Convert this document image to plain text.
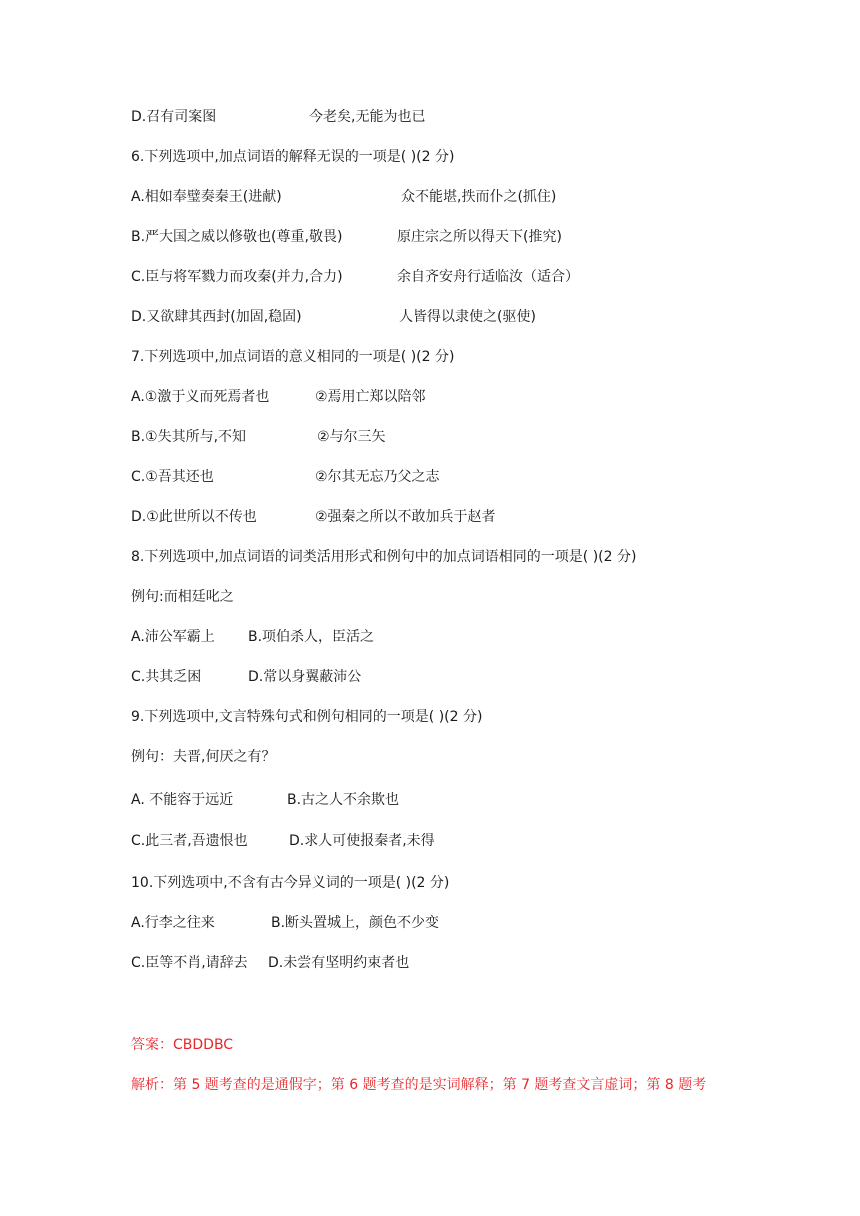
D.召有司案图	今老矣,无能为也已
6.下列选项中,加点词语的解释无误的一项是( )(2 分)
A.相如奉璧奏秦王(进献)	众不能堪,抶而仆之(抓住)
B.严大国之威以修敬也(尊重,敬畏)	原庄宗之所以得天下(推究)
C.臣与将军戮力而攻秦(并力,合力)	余自齐安舟行适临汝（适合）
D.又欲肆其西封(加固,稳固)	人皆得以隶使之(驱使)
7.下列选项中,加点词语的意义相同的一项是( )(2 分)
A.①激于义而死焉者也	②焉用亡郑以陪邻
B.①失其所与,不知	②与尔三矢
C.①吾其还也	②尔其无忘乃父之志
D.①此世所以不传也	②强秦之所以不敢加兵于赵者
8.下列选项中,加点词语的词类活用形式和例句中的加点词语相同的一项是( )(2 分)
例句:而相廷叱之
A.沛公军霸上 B.项伯杀人，臣活之
C.共其乏困	D.常以身翼蔽沛公
9.下列选项中,文言特殊句式和例句相同的一项是( )(2 分)
例句：夫晋,何厌之有？
A. 不能容于远近	B.古之人不余欺也
C.此三者,吾遗恨也	D.求人可使报秦者,未得
10.下列选项中,不含有古今异义词的一项是( )(2 分)
A.行李之往来	B.断头置城上，颜色不少变
C.臣等不肖,请辞去 D.未尝有坚明约束者也
答案：CBDDBC
解析：第 5 题考查的是通假字；第 6 题考查的是实词解释；第 7 题考查文言虚词；第 8 题考
